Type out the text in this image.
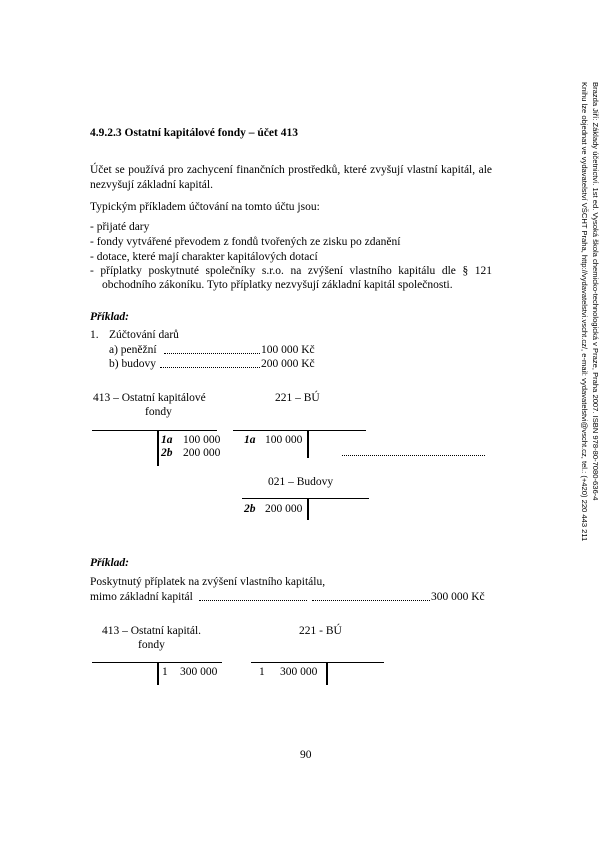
Brazda Jiří: Základy účetnictví. 1st ed. Vysoká škola chemicko-technologická v Praze, Praha 2007. ISBN 978-80-7080-636-4
Knihu lze objednat ve vydavatelství VŠCHT Praha, http://vydavatelstvi.vscht.cz/, e-mail: vydavatelstvi@vscht.cz, tel.: (+420) 220 443 211
4.9.2.3 Ostatní kapitálové fondy – účet 413
Účet se používá pro zachycení finančních prostředků, které zvyšují vlastní kapitál, ale
nezvyšují základní kapitál.
Typickým příkladem účtování na tomto účtu jsou:
- přijaté dary
- fondy vytvářené převodem z fondů tvořených ze zisku po zdanění
- dotace, které mají charakter kapitálových dotací
- příplatky poskytnuté společníky s.r.o. na zvýšení vlastního kapitálu dle § 121
obchodního zákoníku. Tyto příplatky nezvyšují základní kapitál společnosti.
Příklad:
1. Zúčtování darů
a) peněžní	100 000 Kč
b) budovy	200 000 Kč
413 – Ostatní kapitálové
fondy
1a 100 000
2b 200 000
221 – BÚ
1a 100 000
021 – Budovy
2b 200 000
Příklad:
Poskytnutý příplatek na zvýšení vlastního kapitálu,
mimo základní kapitál	300 000 Kč
413 – Ostatní kapitál.
fondy
1 300 000
221 - BÚ
1 300 000
90
